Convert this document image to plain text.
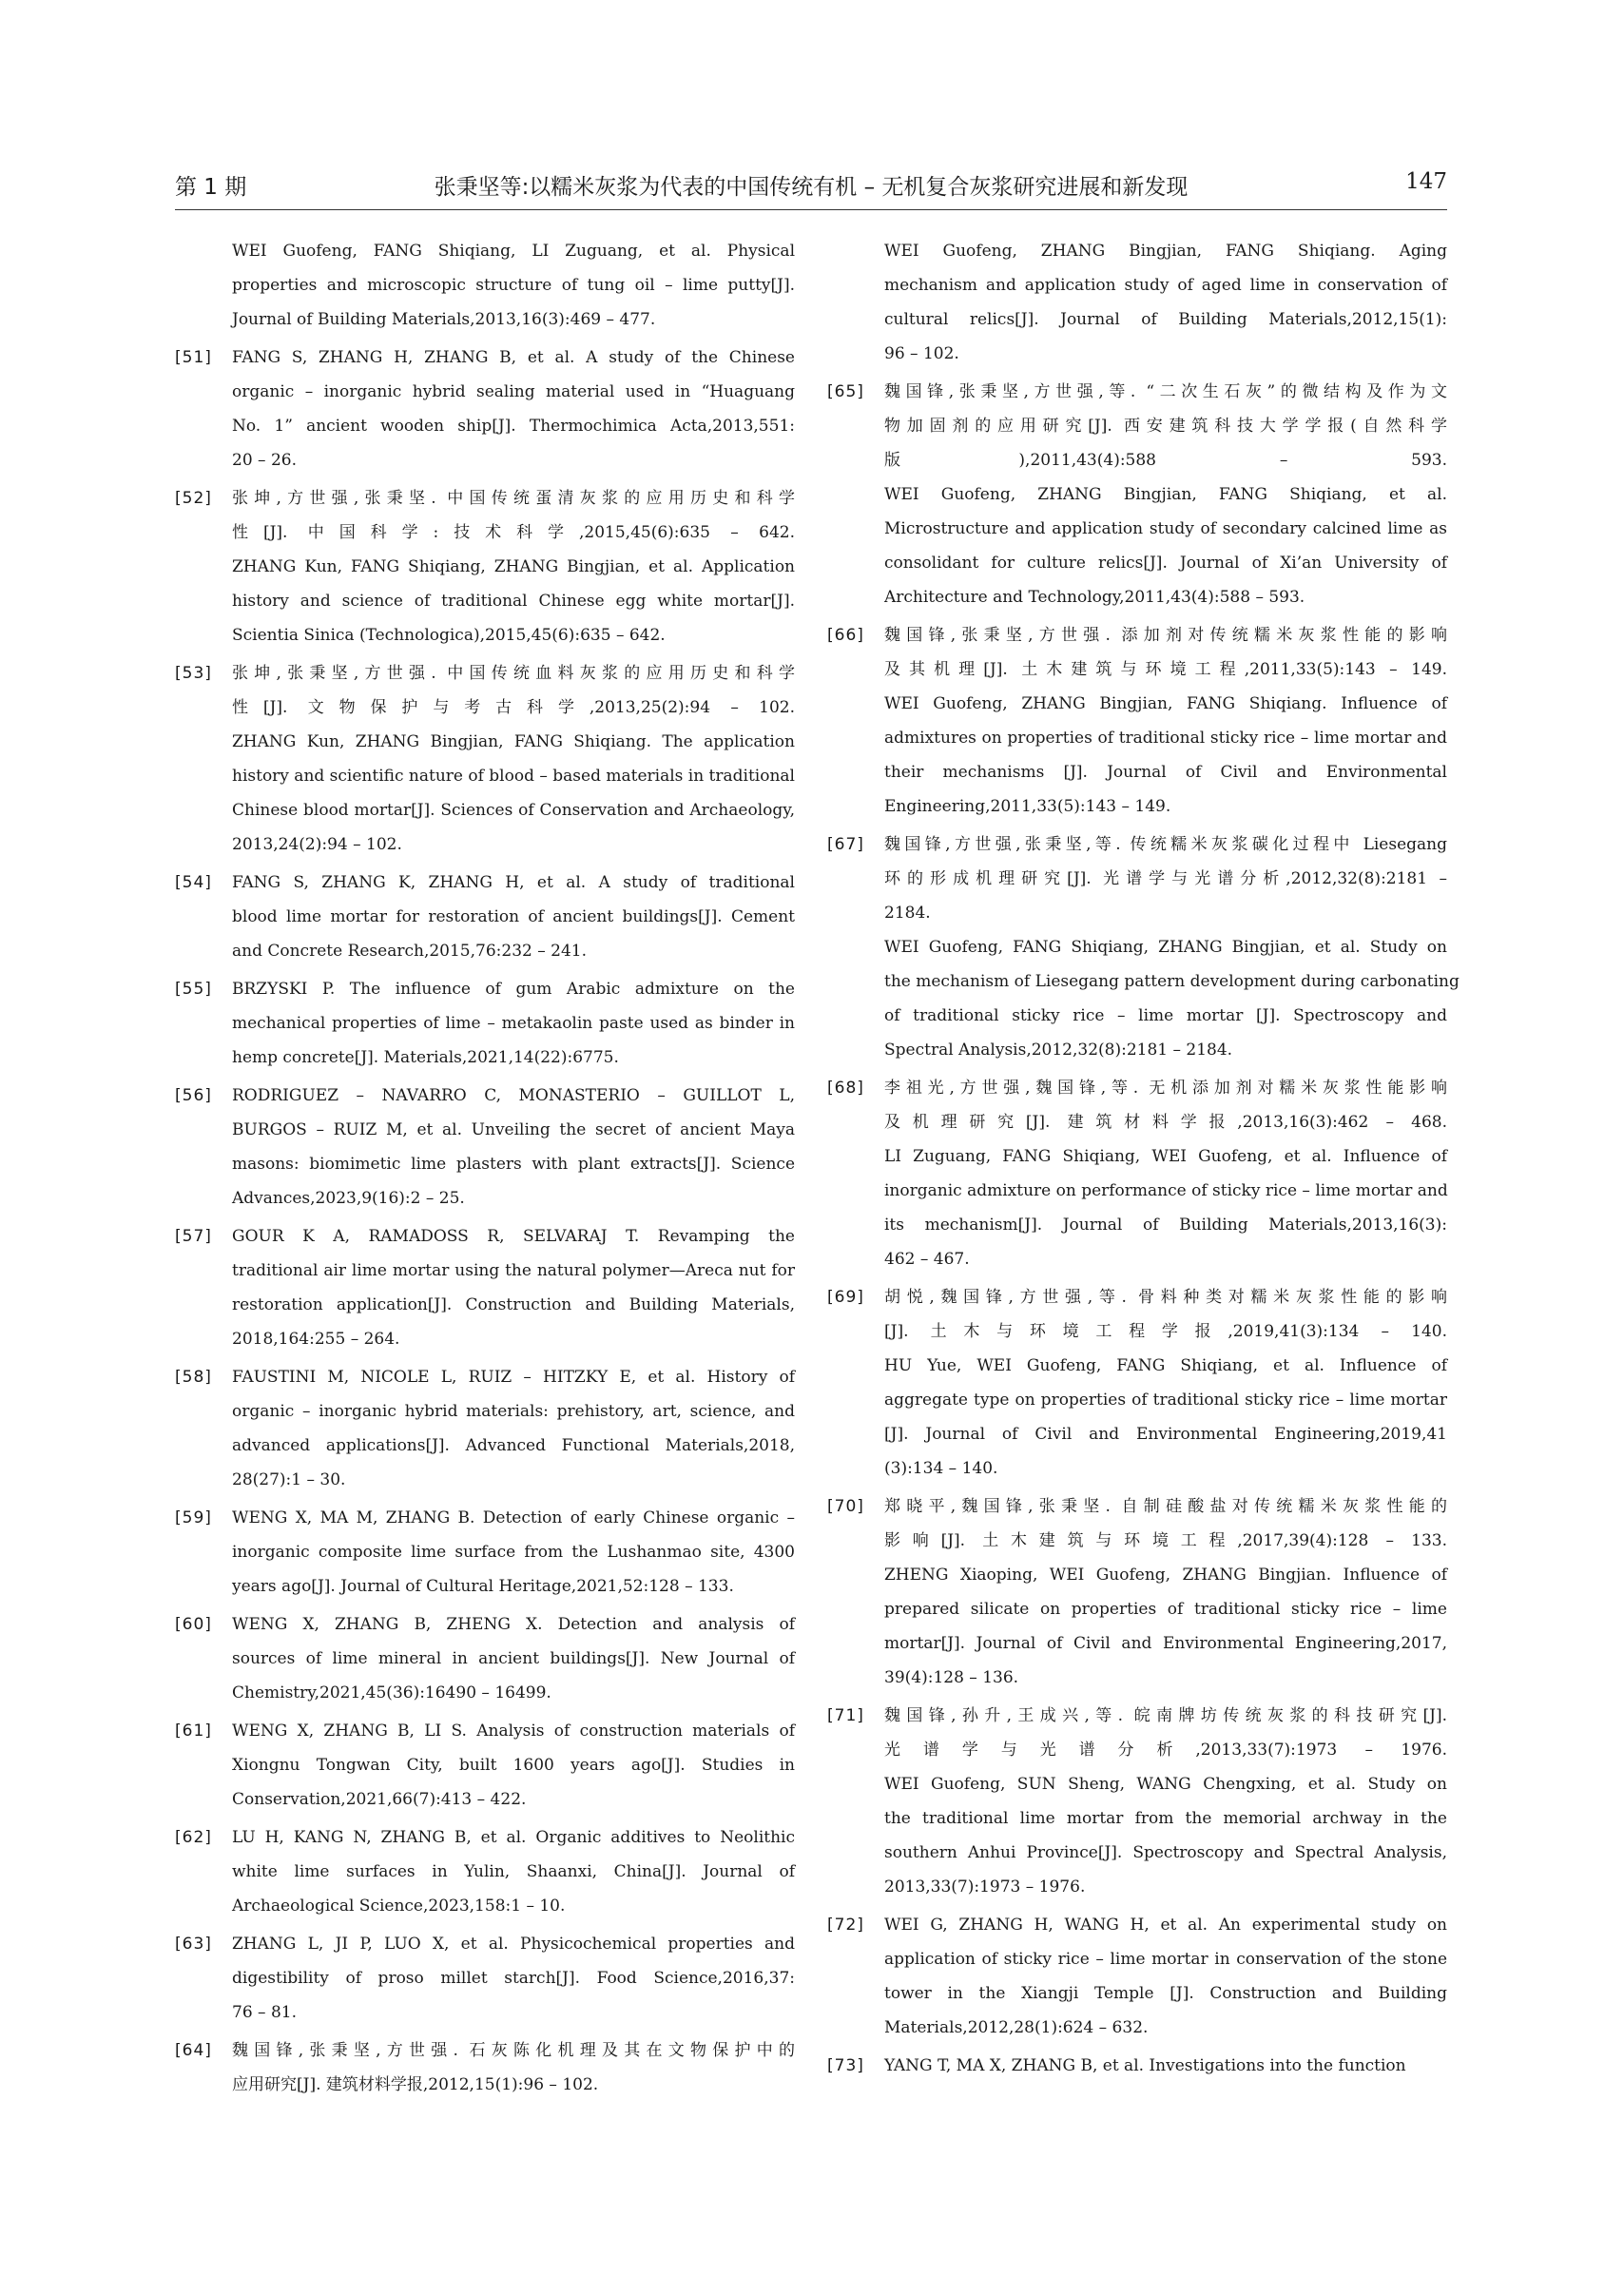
第 1 期	张秉坚等:以糯米灰浆为代表的中国传统有机 – 无机复合灰浆研究进展和新发现	147
WEI Guofeng, FANG Shiqiang, LI Zuguang, et al. Physical
properties and microscopic structure of tung oil – lime putty[J].
Journal of Building Materials,2013,16(3):469 – 477.
[51] FANG S, ZHANG H, ZHANG B, et al. A study of the Chinese
organic – inorganic hybrid sealing material used in “Huaguang
No. 1” ancient wooden ship[J]. Thermochimica Acta,2013,551:
20 – 26.
[52] 张坤,方世强,张秉坚. 中国传统蛋清灰浆的应用历史和科学
性[J]. 中国科学:技术科学,2015,45(6):635 – 642.
ZHANG Kun, FANG Shiqiang, ZHANG Bingjian, et al. Application
history and science of traditional Chinese egg white mortar[J].
Scientia Sinica (Technologica),2015,45(6):635 – 642.
[53] 张坤,张秉坚,方世强. 中国传统血料灰浆的应用历史和科学
性[J]. 文物保护与考古科学,2013,25(2):94 – 102.
ZHANG Kun, ZHANG Bingjian, FANG Shiqiang. The application
history and scientific nature of blood – based materials in traditional
Chinese blood mortar[J]. Sciences of Conservation and Archaeology,
2013,24(2):94 – 102.
[54] FANG S, ZHANG K, ZHANG H, et al. A study of traditional
blood lime mortar for restoration of ancient buildings[J]. Cement
and Concrete Research,2015,76:232 – 241.
[55] BRZYSKI P. The influence of gum Arabic admixture on the
mechanical properties of lime – metakaolin paste used as binder in
hemp concrete[J]. Materials,2021,14(22):6775.
[56] RODRIGUEZ – NAVARRO C, MONASTERIO – GUILLOT L,
BURGOS – RUIZ M, et al. Unveiling the secret of ancient Maya
masons: biomimetic lime plasters with plant extracts[J]. Science
Advances,2023,9(16):2 – 25.
[57] GOUR K A, RAMADOSS R, SELVARAJ T. Revamping the
traditional air lime mortar using the natural polymer—Areca nut for
restoration application[J]. Construction and Building Materials,
2018,164:255 – 264.
[58] FAUSTINI M, NICOLE L, RUIZ – HITZKY E, et al. History of
organic – inorganic hybrid materials: prehistory, art, science, and
advanced applications[J]. Advanced Functional Materials,2018,
28(27):1 – 30.
[59] WENG X, MA M, ZHANG B. Detection of early Chinese organic –
inorganic composite lime surface from the Lushanmao site, 4300
years ago[J]. Journal of Cultural Heritage,2021,52:128 – 133.
[60] WENG X, ZHANG B, ZHENG X. Detection and analysis of
sources of lime mineral in ancient buildings[J]. New Journal of
Chemistry,2021,45(36):16490 – 16499.
[61] WENG X, ZHANG B, LI S. Analysis of construction materials of
Xiongnu Tongwan City, built 1600 years ago[J]. Studies in
Conservation,2021,66(7):413 – 422.
[62] LU H, KANG N, ZHANG B, et al. Organic additives to Neolithic
white lime surfaces in Yulin, Shaanxi, China[J]. Journal of
Archaeological Science,2023,158:1 – 10.
[63] ZHANG L, JI P, LUO X, et al. Physicochemical properties and
digestibility of proso millet starch[J]. Food Science,2016,37:
76 – 81.
[64] 魏国锋,张秉坚,方世强. 石灰陈化机理及其在文物保护中的
应用研究[J]. 建筑材料学报,2012,15(1):96 – 102.
WEI Guofeng, ZHANG Bingjian, FANG Shiqiang. Aging
mechanism and application study of aged lime in conservation of
cultural relics[J]. Journal of Building Materials,2012,15(1):
96 – 102.
[65] 魏国锋,张秉坚,方世强,等. “二次生石灰”的微结构及作为文
物加固剂的应用研究[J]. 西安建筑科技大学学报(自然科学
版),2011,43(4):588 – 593.
WEI Guofeng, ZHANG Bingjian, FANG Shiqiang, et al.
Microstructure and application study of secondary calcined lime as
consolidant for culture relics[J]. Journal of Xi’an University of
Architecture and Technology,2011,43(4):588 – 593.
[66] 魏国锋,张秉坚,方世强. 添加剂对传统糯米灰浆性能的影响
及其机理[J]. 土木建筑与环境工程,2011,33(5):143 – 149.
WEI Guofeng, ZHANG Bingjian, FANG Shiqiang. Influence of
admixtures on properties of traditional sticky rice – lime mortar and
their mechanisms [J]. Journal of Civil and Environmental
Engineering,2011,33(5):143 – 149.
[67] 魏国锋,方世强,张秉坚,等. 传统糯米灰浆碳化过程中 Liesegang
环的形成机理研究[J]. 光谱学与光谱分析,2012,32(8):2181 –
2184.
WEI Guofeng, FANG Shiqiang, ZHANG Bingjian, et al. Study on
the mechanism of Liesegang pattern development during carbonating
of traditional sticky rice – lime mortar [J]. Spectroscopy and
Spectral Analysis,2012,32(8):2181 – 2184.
[68] 李祖光,方世强,魏国锋,等. 无机添加剂对糯米灰浆性能影响
及机理研究[J]. 建筑材料学报,2013,16(3):462 – 468.
LI Zuguang, FANG Shiqiang, WEI Guofeng, et al. Influence of
inorganic admixture on performance of sticky rice – lime mortar and
its mechanism[J]. Journal of Building Materials,2013,16(3):
462 – 467.
[69] 胡悦,魏国锋,方世强,等. 骨料种类对糯米灰浆性能的影响
[J]. 土木与环境工程学报,2019,41(3):134 – 140.
HU Yue, WEI Guofeng, FANG Shiqiang, et al. Influence of
aggregate type on properties of traditional sticky rice – lime mortar
[J]. Journal of Civil and Environmental Engineering,2019,41
(3):134 – 140.
[70] 郑晓平,魏国锋,张秉坚. 自制硅酸盐对传统糯米灰浆性能的
影响[J]. 土木建筑与环境工程,2017,39(4):128 – 133.
ZHENG Xiaoping, WEI Guofeng, ZHANG Bingjian. Influence of
prepared silicate on properties of traditional sticky rice – lime
mortar[J]. Journal of Civil and Environmental Engineering,2017,
39(4):128 – 136.
[71] 魏国锋,孙升,王成兴,等. 皖南牌坊传统灰浆的科技研究[J].
光谱学与光谱分析,2013,33(7):1973 – 1976.
WEI Guofeng, SUN Sheng, WANG Chengxing, et al. Study on
the traditional lime mortar from the memorial archway in the
southern Anhui Province[J]. Spectroscopy and Spectral Analysis,
2013,33(7):1973 – 1976.
[72] WEI G, ZHANG H, WANG H, et al. An experimental study on
application of sticky rice – lime mortar in conservation of the stone
tower in the Xiangji Temple [J]. Construction and Building
Materials,2012,28(1):624 – 632.
[73] YANG T, MA X, ZHANG B, et al. Investigations into the function
